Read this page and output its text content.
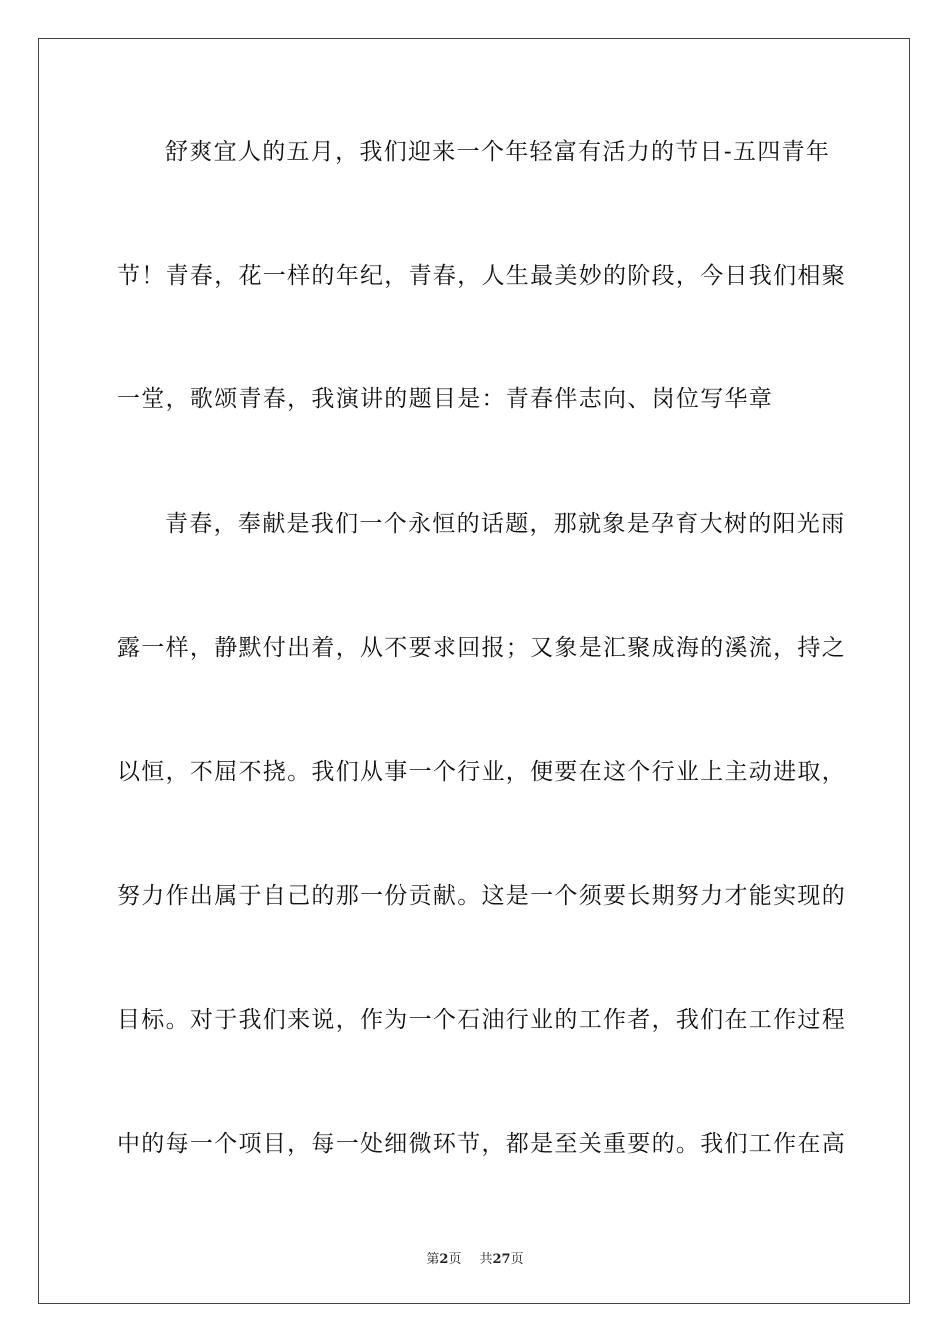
舒爽宜人的五月，我们迎来一个年轻富有活力的节日-五四青年
节！青春，花一样的年纪，青春，人生最美妙的阶段，今日我们相聚
一堂，歌颂青春，我演讲的题目是：青春伴志向、岗位写华章
青春，奉献是我们一个永恒的话题，那就象是孕育大树的阳光雨
露一样，静默付出着，从不要求回报；又象是汇聚成海的溪流，持之
以恒，不屈不挠。我们从事一个行业，便要在这个行业上主动进取，
努力作出属于自己的那一份贡献。这是一个须要长期努力才能实现的
目标。对于我们来说，作为一个石油行业的工作者，我们在工作过程
中的每一个项目，每一处细微环节，都是至关重要的。我们工作在高
第2页 共27页
